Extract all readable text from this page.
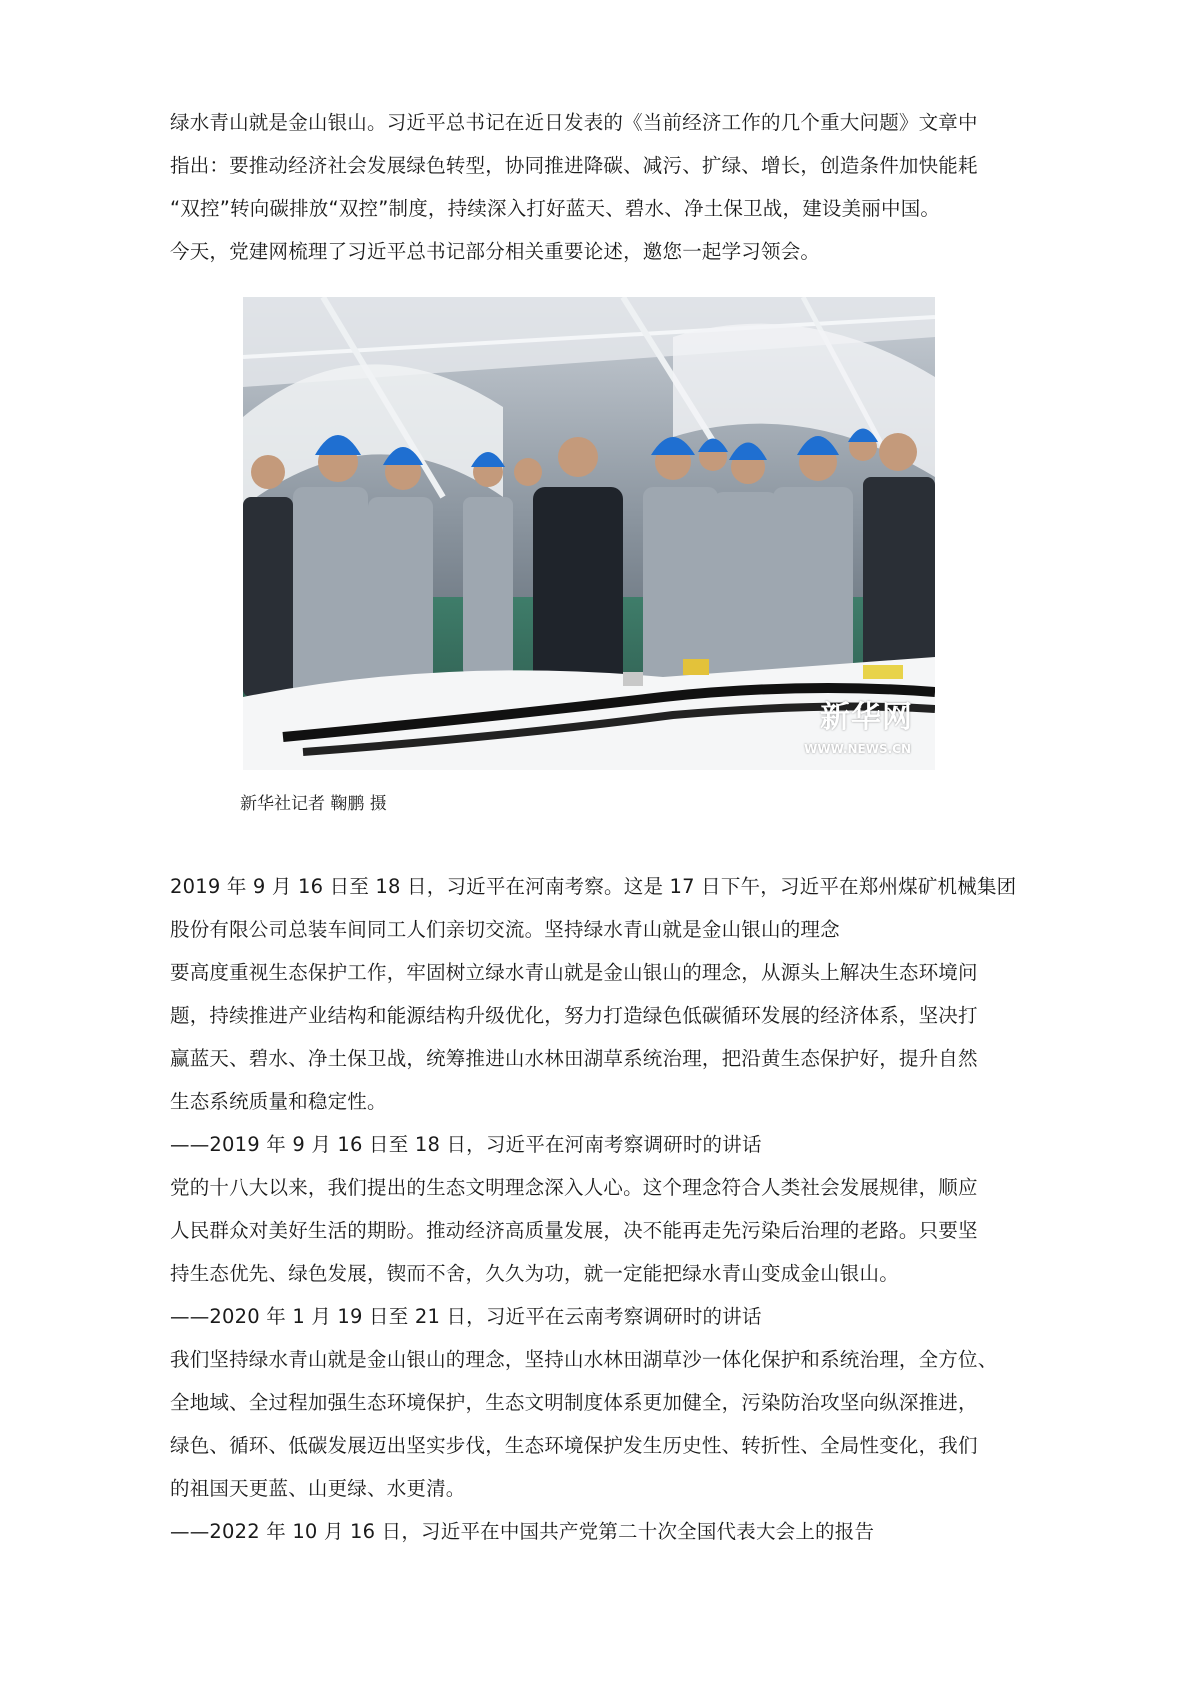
绿水青山就是金山银山。习近平总书记在近日发表的《当前经济工作的几个重大问题》文章中
指出：要推动经济社会发展绿色转型，协同推进降碳、减污、扩绿、增长，创造条件加快能耗
“双控”转向碳排放“双控”制度，持续深入打好蓝天、碧水、净土保卫战，建设美丽中国。
今天，党建网梳理了习近平总书记部分相关重要论述，邀您一起学习领会。
新华网
WWW.NEWS.CN
新华社记者 鞠鹏 摄
2019 年 9 月 16 日至 18 日，习近平在河南考察。这是 17 日下午，习近平在郑州煤矿机械集团
股份有限公司总装车间同工人们亲切交流。坚持绿水青山就是金山银山的理念
要高度重视生态保护工作，牢固树立绿水青山就是金山银山的理念，从源头上解决生态环境问
题，持续推进产业结构和能源结构升级优化，努力打造绿色低碳循环发展的经济体系，坚决打
赢蓝天、碧水、净土保卫战，统筹推进山水林田湖草系统治理，把沿黄生态保护好，提升自然
生态系统质量和稳定性。
——2019 年 9 月 16 日至 18 日，习近平在河南考察调研时的讲话
党的十八大以来，我们提出的生态文明理念深入人心。这个理念符合人类社会发展规律，顺应
人民群众对美好生活的期盼。推动经济高质量发展，决不能再走先污染后治理的老路。只要坚
持生态优先、绿色发展，锲而不舍，久久为功，就一定能把绿水青山变成金山银山。
——2020 年 1 月 19 日至 21 日，习近平在云南考察调研时的讲话
我们坚持绿水青山就是金山银山的理念，坚持山水林田湖草沙一体化保护和系统治理，全方位、
全地域、全过程加强生态环境保护，生态文明制度体系更加健全，污染防治攻坚向纵深推进，
绿色、循环、低碳发展迈出坚实步伐，生态环境保护发生历史性、转折性、全局性变化，我们
的祖国天更蓝、山更绿、水更清。
——2022 年 10 月 16 日，习近平在中国共产党第二十次全国代表大会上的报告
